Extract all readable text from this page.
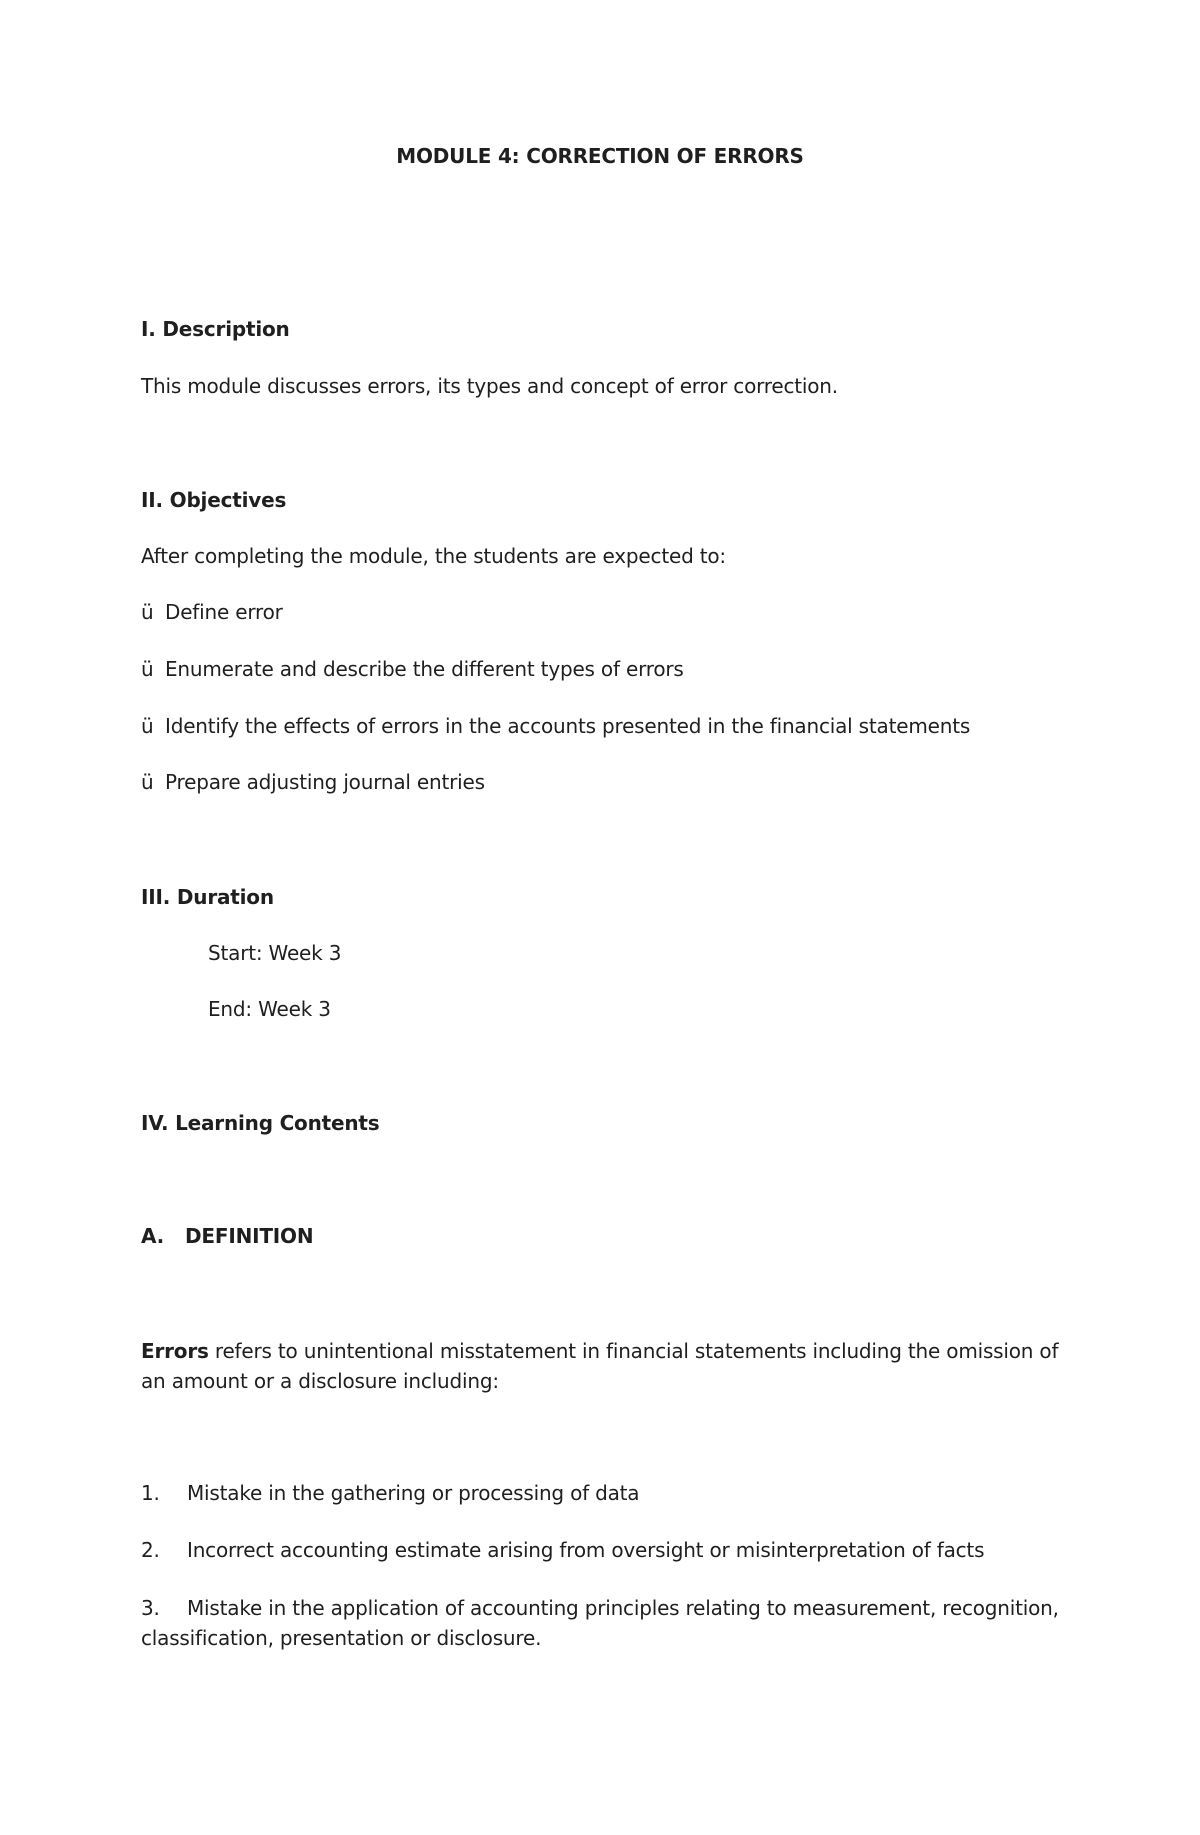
MODULE 4: CORRECTION OF ERRORS
I. Description
This module discusses errors, its types and concept of error correction.
II. Objectives
After completing the module, the students are expected to:
ü Define error
ü Enumerate and describe the different types of errors
ü Identify the effects of errors in the accounts presented in the financial statements
ü Prepare adjusting journal entries
III. Duration
Start: Week 3
End: Week 3
IV. Learning Contents
A. DEFINITION
Errors refers to unintentional misstatement in financial statements including the omission of an amount or a disclosure including:
1. Mistake in the gathering or processing of data
2. Incorrect accounting estimate arising from oversight or misinterpretation of facts
3. Mistake in the application of accounting principles relating to measurement, recognition, classification, presentation or disclosure.
